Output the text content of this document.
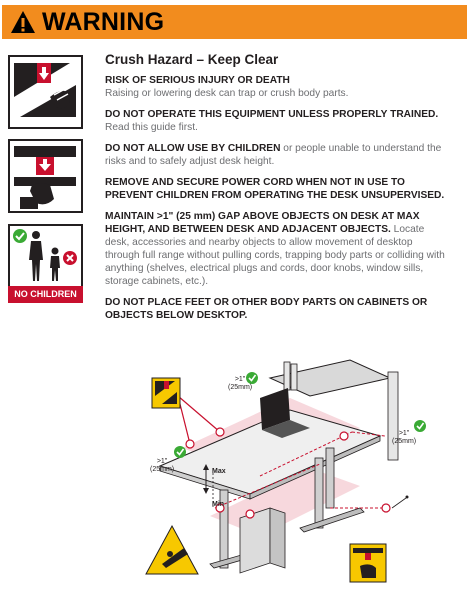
WARNING
NO CHILDREN
Crush Hazard – Keep Clear

RISK OF SERIOUS INJURY OR DEATH
Raising or lowering desk can trap or crush body parts.

DO NOT OPERATE THIS EQUIPMENT UNLESS PROPERLY TRAINED. Read this guide first.

DO NOT ALLOW USE BY CHILDREN or people unable to understand the risks and to safely adjust desk height.

REMOVE AND SECURE POWER CORD WHEN NOT IN USE TO PREVENT CHILDREN FROM OPERATING THE DESK UNSUPERVISED.

MAINTAIN >1" (25 mm) GAP ABOVE OBJECTS ON DESK AT MAX HEIGHT, AND BETWEEN DESK AND ADJACENT OBJECTS. Locate desk, accessories and nearby objects to allow movement of desktop through full range without pulling cords, trapping body parts or colliding with anything (shelves, electrical plugs and cords, door knobs, window sills, storage cabinets, etc.).

DO NOT PLACE FEET OR OTHER BODY PARTS ON CABINETS OR OBJECTS BELOW DESKTOP.

>1"
(25mm)
>1"
(25mm)
>1"
(25mm)	Max
Min
